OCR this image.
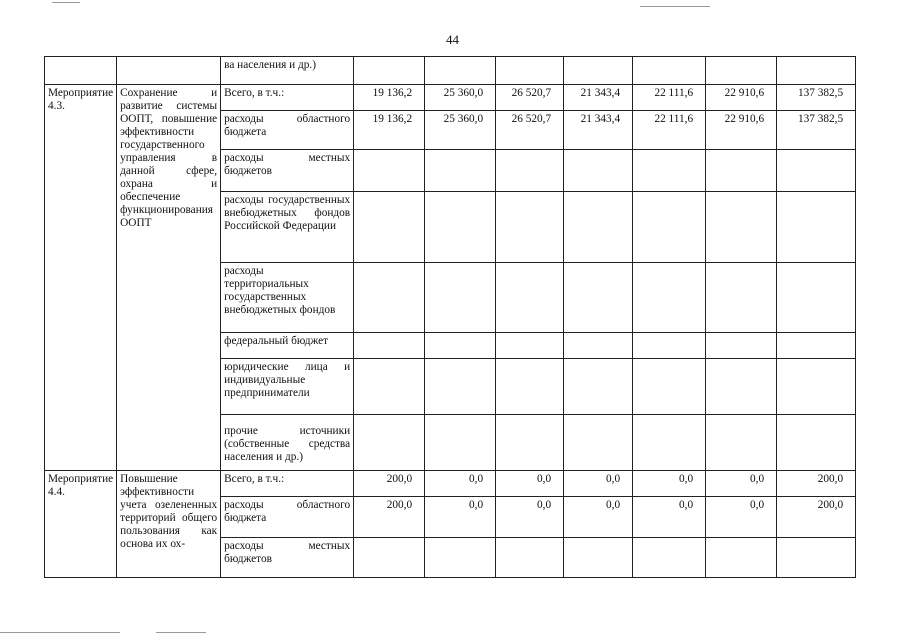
44
		ва населения и др.)							
Мероприятие 4.3.	Сохранение и развитие системы ООПТ, повышение эффективности государственного управления в данной сфере, охрана и обеспечение функционирования ООПТ	Всего, в т.ч.:	19 136,2	25 360,0	26 520,7	21 343,4	22 111,6	22 910,6	137 382,5
		расходы областного бюджета	19 136,2	25 360,0	26 520,7	21 343,4	22 111,6	22 910,6	137 382,5
		расходы местных бюджетов							
		расходы государственных внебюджетных фондов Российской Федерации							
		расходы территориальных государственных внебюджетных фондов							
		федеральный бюджет							
		юридические лица и индивидуальные предприниматели							
		прочие источники (собственные средства населения и др.)							
Мероприятие 4.4.	Повышение эффективности учета озелененных территорий общего пользования как основа их ох-	Всего, в т.ч.:	200,0	0,0	0,0	0,0	0,0	0,0	200,0
		расходы областного бюджета	200,0	0,0	0,0	0,0	0,0	0,0	200,0
		расходы местных бюджетов							
